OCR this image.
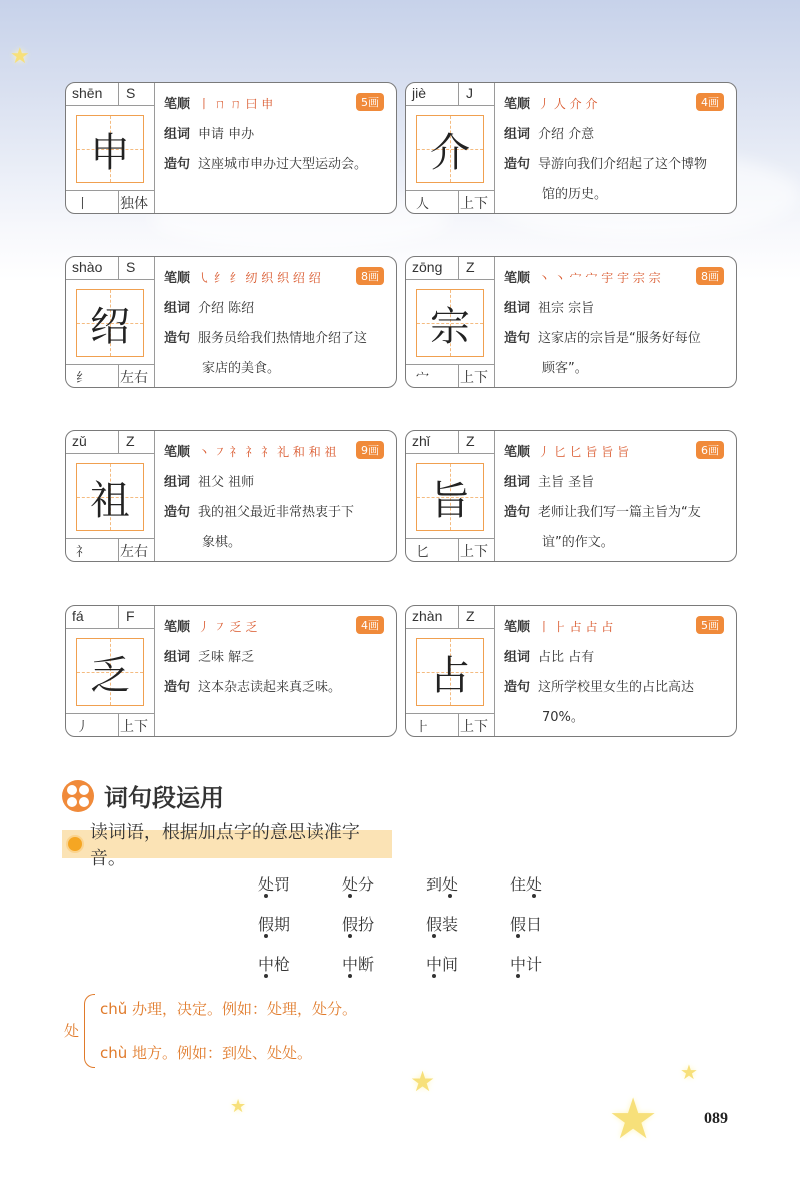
★
shēn S
申
丨 独体
笔顺 丨 ㄇ ㄇ 曰 申	5画
组词 申请 申办
造句 这座城市申办过大型运动会。
jiè	J
介
人 上下
笔顺 丿 人 介 介	4画
组词 介绍 介意
造句 导游向我们介绍起了这个博物
馆的历史。
shào S
绍
纟 左右
笔顺 ㇂ 纟 纟 纫 织 织 绍 绍	8画
组词 介绍 陈绍
造句 服务员给我们热情地介绍了这
家店的美食。
zōng Z
宗
宀 上下
笔顺 丶 丶 宀 宀 宇 宇 宗 宗	8画
组词 祖宗 宗旨
造句 这家店的宗旨是“服务好每位
顾客”。
zǔ	Z
祖
礻 左右
笔顺 丶 ㇇ 礻 礻 礻 礼 和 和 祖	9画
组词 祖父 祖师
造句 我的祖父最近非常热衷于下
象棋。
zhǐ	Z
旨
匕 上下
笔顺 丿 匕 匕 旨 旨 旨	6画
组词 主旨 圣旨
造句 老师让我们写一篇主旨为“友
谊”的作文。
fá	F
乏
丿 上下
笔顺 丿 ㇇ 乏 乏	4画
组词 乏味 解乏
造句 这本杂志读起来真乏味。
zhàn Z
占
⺊ 上下
笔顺 丨 ⺊ 占 占 占	5画
组词 占比 占有
造句 这所学校里女生的占比高达
70%。
词句段运用
读词语，根据加点字的意思读准字音。
处罚	处分	到处	住处
假期	假扮	假装	假日
中枪	中断	中间	中计
处
chǔ 办理，决定。例如：处理，处分。
chù 地方。例如：到处、处处。
★	★
★	★	089
